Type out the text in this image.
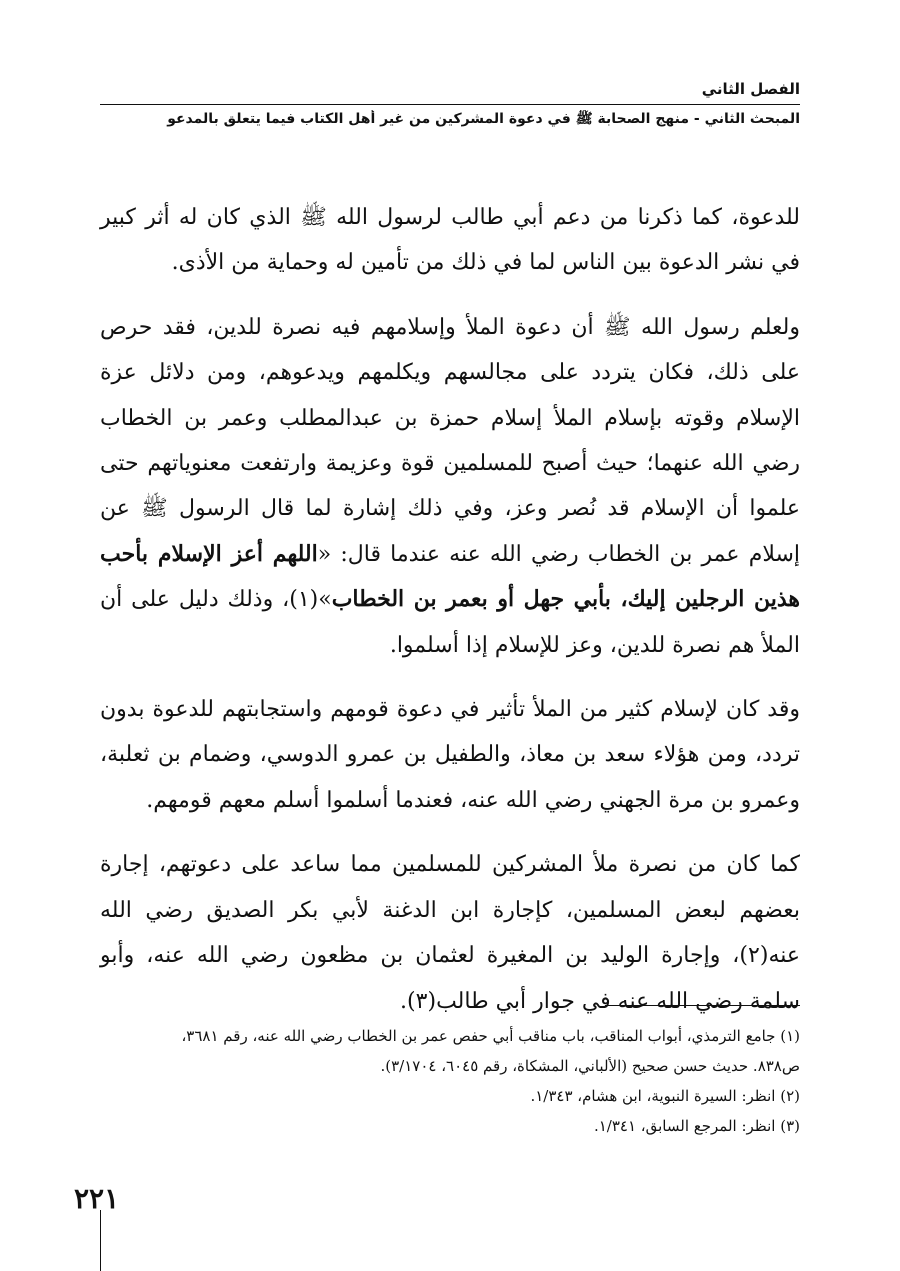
الفصل الثاني
المبحث الثاني - منهج الصحابة ﷺ في دعوة المشركين من غير أهل الكتاب فيما يتعلق بالمدعو

للدعوة، كما ذكرنا من دعم أبي طالب لرسول الله ﷺ الذي كان له أثر كبير في نشر الدعوة بين الناس لما في ذلك من تأمين له وحماية من الأذى.

ولعلم رسول الله ﷺ أن دعوة الملأ وإسلامهم فيه نصرة للدين، فقد حرص على ذلك، فكان يتردد على مجالسهم ويكلمهم ويدعوهم، ومن دلائل عزة الإسلام وقوته بإسلام الملأ إسلام حمزة بن عبدالمطلب وعمر بن الخطاب رضي الله عنهما؛ حيث أصبح للمسلمين قوة وعزيمة وارتفعت معنوياتهم حتى علموا أن الإسلام قد نُصر وعز، وفي ذلك إشارة لما قال الرسول ﷺ عن إسلام عمر بن الخطاب رضي الله عنه عندما قال: «اللهم أعز الإسلام بأحب هذين الرجلين إليك، بأبي جهل أو بعمر بن الخطاب»(١)، وذلك دليل على أن الملأ هم نصرة للدين، وعز للإسلام إذا أسلموا.

وقد كان لإسلام كثير من الملأ تأثير في دعوة قومهم واستجابتهم للدعوة بدون تردد، ومن هؤلاء سعد بن معاذ، والطفيل بن عمرو الدوسي، وضمام بن ثعلبة، وعمرو بن مرة الجهني رضي الله عنه، فعندما أسلموا أسلم معهم قومهم.

كما كان من نصرة ملأ المشركين للمسلمين مما ساعد على دعوتهم، إجارة بعضهم لبعض المسلمين، كإجارة ابن الدغنة لأبي بكر الصديق رضي الله عنه(٢)، وإجارة الوليد بن المغيرة لعثمان بن مظعون رضي الله عنه، وأبو سلمة رضي الله عنه في جوار أبي طالب(٣).

(١) جامع الترمذي، أبواب المناقب، باب مناقب أبي حفص عمر بن الخطاب رضي الله عنه، رقم ٣٦٨١،
ص٨٣٨. حديث حسن صحيح (الألباني، المشكاة، رقم ٦٠٤٥، ٣/١٧٠٤).
(٢) انظر: السيرة النبوية، ابن هشام، ١/٣٤٣.
(٣) انظر: المرجع السابق، ١/٣٤١.
٢٢١
